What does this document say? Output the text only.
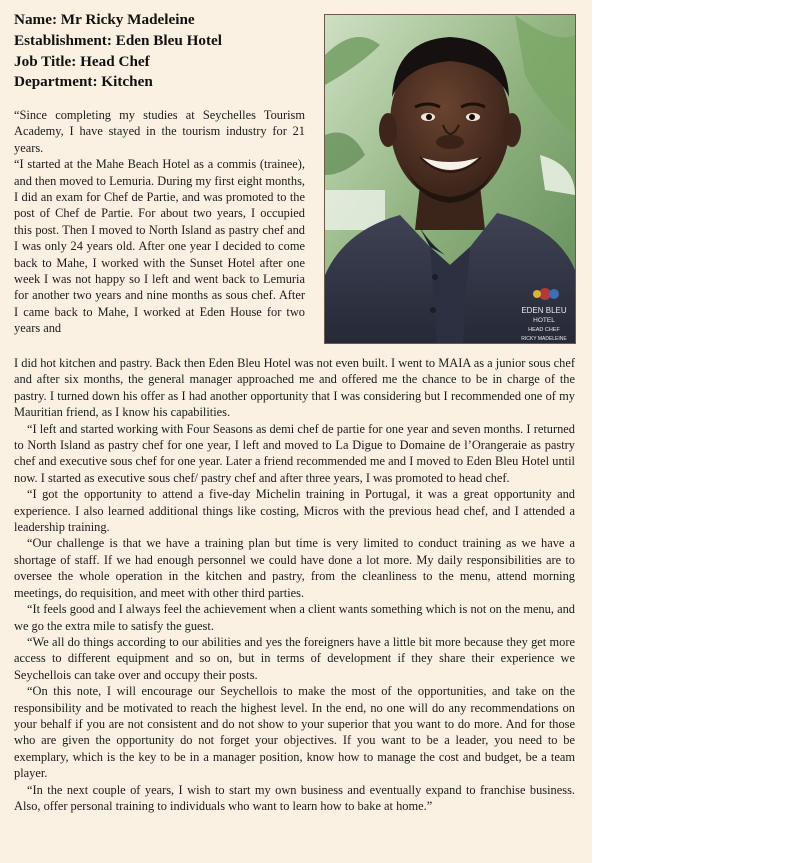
Name: Mr Ricky Madeleine
Establishment: Eden Bleu Hotel
Job Title: Head Chef
Department: Kitchen
EDEN BLEU
HOTEL
HEAD CHEF
RICKY MADELEINE

“Since completing my studies at Seychelles Tourism Academy, I have stayed in the tourism industry for 21 years.

“I started at the Mahe Beach Hotel as a commis (trainee), and then moved to Lemuria. During my first eight months, I did an exam for Chef de Partie, and was promoted to the post of Chef de Partie. For about two years, I occupied this post. Then I moved to North Island as pastry chef and I was only 24 years old. After one year I decided to come back to Mahe, I worked with the Sunset Hotel after one week I was not happy so I left and went back to Lemuria for another two years and nine months as sous chef. After I came back to Mahe, I worked at Eden House for two years and

I did hot kitchen and pastry. Back then Eden Bleu Hotel was not even built. I went to MAIA as a junior sous chef and after six months, the general manager approached me and offered me the chance to be in charge of the pastry. I turned down his offer as I had another opportunity that I was considering but I recommended one of my Mauritian friend, as I know his capabilities.

“I left and started working with Four Seasons as demi chef de partie for one year and seven months. I returned to North Island as pastry chef for one year, I left and moved to La Digue to Domaine de l’Orangeraie as pastry chef and executive sous chef for one year. Later a friend recommended me and I moved to Eden Bleu Hotel until now. I started as executive sous chef/ pastry chef and after three years, I was promoted to head chef.

“I got the opportunity to attend a five-day Michelin training in Portugal, it was a great opportunity and experience. I also learned additional things like costing, Micros with the previous head chef, and I attended a leadership training.

“Our challenge is that we have a training plan but time is very limited to conduct training as we have a shortage of staff. If we had enough personnel we could have done a lot more. My daily responsibilities are to oversee the whole operation in the kitchen and pastry, from the cleanliness to the menu, attend morning meetings, do requisition, and meet with other third parties.

“It feels good and I always feel the achievement when a client wants something which is not on the menu, and we go the extra mile to satisfy the guest.

“We all do things according to our abilities and yes the foreigners have a little bit more because they get more access to different equipment and so on, but in terms of development if they share their experience we Seychellois can take over and occupy their posts.

“On this note, I will encourage our Seychellois to make the most of the opportunities, and take on the responsibility and be motivated to reach the highest level. In the end, no one will do any recommendations on your behalf if you are not consistent and do not show to your superior that you want to do more. And for those who are given the opportunity do not forget your objectives. If you want to be a leader, you need to be exemplary, which is the key to be in a manager position, know how to manage the cost and budget, be a team player.

“In the next couple of years, I wish to start my own business and eventually expand to franchise business. Also, offer personal training to individuals who want to learn how to bake at home.”
